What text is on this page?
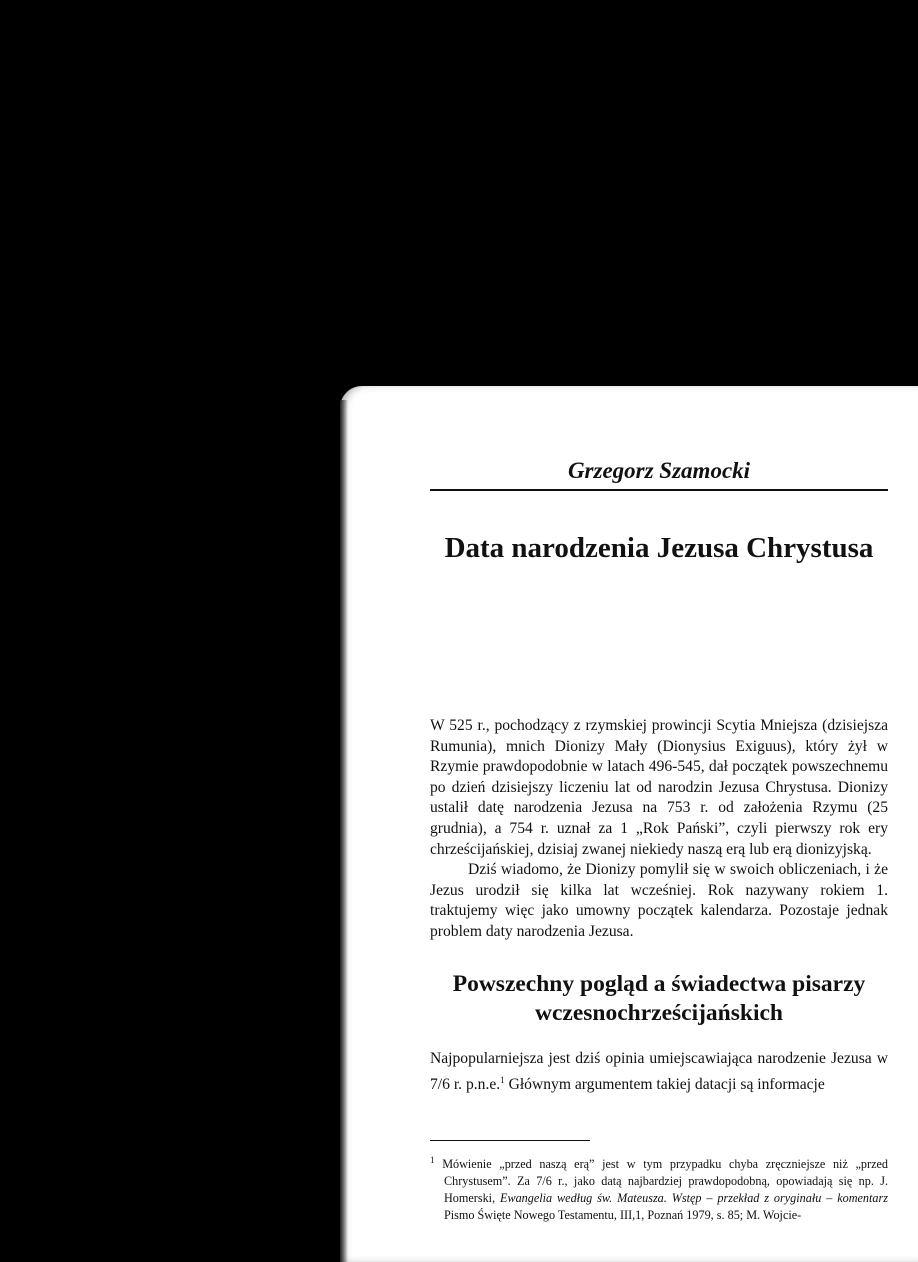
Grzegorz Szamocki
Data narodzenia Jezusa Chrystusa

W 525 r., pochodzący z rzymskiej prowincji Scytia Mniejsza (dzisiejsza Rumunia), mnich Dionizy Mały (Dionysius Exiguus), który żył w Rzymie prawdopodobnie w latach 496-545, dał początek powszechnemu po dzień dzisiejszy liczeniu lat od narodzin Jezusa Chrystusa. Dionizy ustalił datę narodzenia Jezusa na 753 r. od założenia Rzymu (25 grudnia), a 754 r. uznał za 1 „Rok Pański”, czyli pierwszy rok ery chrześcijańskiej, dzisiaj zwanej niekiedy naszą erą lub erą dionizyjską.

Dziś wiadomo, że Dionizy pomylił się w swoich obliczeniach, i że Jezus urodził się kilka lat wcześniej. Rok nazywany rokiem 1. traktujemy więc jako umowny początek kalendarza. Pozostaje jednak problem daty narodzenia Jezusa.

Powszechny pogląd a świadectwa pisarzy wczesnochrześcijańskich

Najpopularniejsza jest dziś opinia umiejscawiająca narodzenie Jezusa w 7/6 r. p.n.e.$^1$ Głównym argumentem takiej datacji są informacje

$^1$ Mówienie „przed naszą erą” jest w tym przypadku chyba zręczniejsze niż „przed Chrystusem”. Za 7/6 r., jako datą najbardziej prawdopodobną, opowiadają się np. J. Homerski, Ewangelia według św. Mateusza. Wstęp – przekład z oryginału – komentarz Pismo Święte Nowego Testamentu, III,1, Poznań 1979, s. 85; M. Wojcie-
